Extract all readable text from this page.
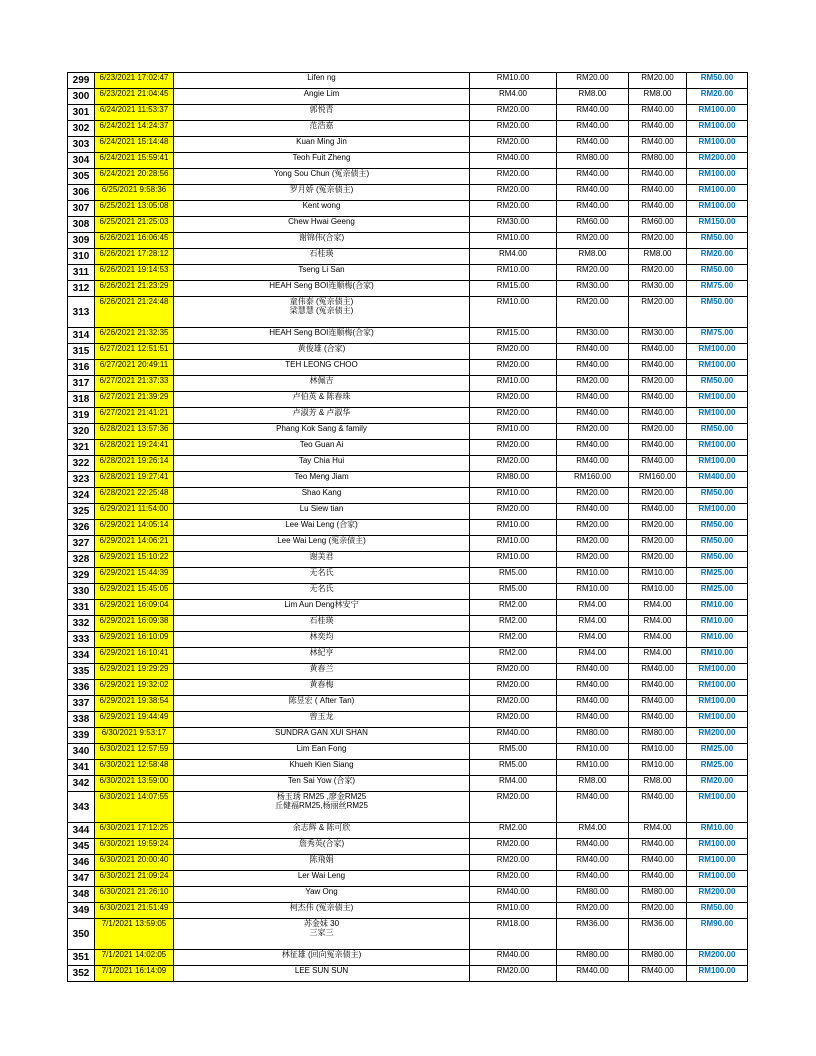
299	6/23/2021 17:02:47	Lifen ng	RM10.00	RM20.00	RM20.00	RM50.00
300	6/23/2021 21:04:45	Angie Lim	RM4.00	RM8.00	RM8.00	RM20.00
301	6/24/2021 11:53:37	郭悦青	RM20.00	RM40.00	RM40.00	RM100.00
302	6/24/2021 14:24:37	范浩嘉	RM20.00	RM40.00	RM40.00	RM100.00
303	6/24/2021 15:14:48	Kuan Ming Jin	RM20.00	RM40.00	RM40.00	RM100.00
304	6/24/2021 15:59:41	Teoh Fuit Zheng	RM40.00	RM80.00	RM80.00	RM200.00
305	6/24/2021 20:28:56	Yong Sou Chun (冤亲债主)	RM20.00	RM40.00	RM40.00	RM100.00
306	6/25/2021 9:58:36	罗月娇 (冤亲债主)	RM20.00	RM40.00	RM40.00	RM100.00
307	6/25/2021 13:05:08	Kent wong	RM20.00	RM40.00	RM40.00	RM100.00
308	6/25/2021 21:25:03	Chew Hwai Geeng	RM30.00	RM60.00	RM60.00	RM150.00
309	6/26/2021 16:06:45	谢锦伟(合家)	RM10.00	RM20.00	RM20.00	RM50.00
310	6/26/2021 17:28:12	石桂瑛	RM4.00	RM8.00	RM8.00	RM20.00
311	6/26/2021 19:14:53	Tseng Li San	RM10.00	RM20.00	RM20.00	RM50.00
312	6/26/2021 21:23:29	HEAH Seng BOI连顺梅(合家)	RM15.00	RM30.00	RM30.00	RM75.00
313	6/26/2021 21:24:48	童伟泰 (冤亲债主)
梁慧慧 (冤亲债主)	RM10.00	RM20.00	RM20.00	RM50.00
314	6/26/2021 21:32:35	HEAH Seng BOI连顺梅(合家)	RM15.00	RM30.00	RM30.00	RM75.00
315	6/27/2021 12:51:51	黄俊雄 (合家)	RM20.00	RM40.00	RM40.00	RM100.00
316	6/27/2021 20:49:11	TEH LEONG CHOO	RM20.00	RM40.00	RM40.00	RM100.00
317	6/27/2021 21:37:33	林佩吉	RM10.00	RM20.00	RM20.00	RM50.00
318	6/27/2021 21:39:29	卢伯英 & 陈春珠	RM20.00	RM40.00	RM40.00	RM100.00
319	6/27/2021 21:41:21	卢淑芳 & 卢淑华	RM20.00	RM40.00	RM40.00	RM100.00
320	6/28/2021 13:57:36	Phang Kok Sang & family	RM10.00	RM20.00	RM20.00	RM50.00
321	6/28/2021 19:24:41	Teo Guan Ai	RM20.00	RM40.00	RM40.00	RM100.00
322	6/28/2021 19:26:14	Tay Chia Hui	RM20.00	RM40.00	RM40.00	RM100.00
323	6/28/2021 19:27:41	Teo Meng Jiam	RM80.00	RM160.00	RM160.00	RM400.00
324	6/28/2021 22:25:48	Shao Kang	RM10.00	RM20.00	RM20.00	RM50.00
325	6/29/2021 11:54:00	Lu Siew tian	RM20.00	RM40.00	RM40.00	RM100.00
326	6/29/2021 14:05:14	Lee Wai Leng (合家)	RM10.00	RM20.00	RM20.00	RM50.00
327	6/29/2021 14:06:21	Lee Wai Leng (冤亲债主)	RM10.00	RM20.00	RM20.00	RM50.00
328	6/29/2021 15:10:22	谢美君	RM10.00	RM20.00	RM20.00	RM50.00
329	6/29/2021 15:44:39	无名氏	RM5.00	RM10.00	RM10.00	RM25.00
330	6/29/2021 15:45:05	无名氏	RM5.00	RM10.00	RM10.00	RM25.00
331	6/29/2021 16:09:04	Lim Aun Deng林安宁	RM2.00	RM4.00	RM4.00	RM10.00
332	6/29/2021 16:09:38	石桂瑛	RM2.00	RM4.00	RM4.00	RM10.00
333	6/29/2021 16:10:09	林奕均	RM2.00	RM4.00	RM4.00	RM10.00
334	6/29/2021 16:10:41	林紀亨	RM2.00	RM4.00	RM4.00	RM10.00
335	6/29/2021 19:29:29	黄春兰	RM20.00	RM40.00	RM40.00	RM100.00
336	6/29/2021 19:32:02	黄春梅	RM20.00	RM40.00	RM40.00	RM100.00
337	6/29/2021 19:38:54	陈昱宏 ( After Tan)	RM20.00	RM40.00	RM40.00	RM100.00
338	6/29/2021 19:44:49	曾玉龙	RM20.00	RM40.00	RM40.00	RM100.00
339	6/30/2021 9:53:17	SUNDRA GAN XUI SHAN	RM40.00	RM80.00	RM80.00	RM200.00
340	6/30/2021 12:57:59	Lim Ean Fong	RM5.00	RM10.00	RM10.00	RM25.00
341	6/30/2021 12:58:48	Khueh Kien Siang	RM5.00	RM10.00	RM10.00	RM25.00
342	6/30/2021 13:59:00	Ten Sai Yow (合家)	RM4.00	RM8.00	RM8.00	RM20.00
343	6/30/2021 14:07:55	杨玉琇 RM25 ,廖金RM25
丘健福RM25,杨丽丝RM25	RM20.00	RM40.00	RM40.00	RM100.00
344	6/30/2021 17:12:25	余志辉 & 陈可欣	RM2.00	RM4.00	RM4.00	RM10.00
345	6/30/2021 19:59:24	詹秀英(合家)	RM20.00	RM40.00	RM40.00	RM100.00
346	6/30/2021 20:00:40	陈飛娟	RM20.00	RM40.00	RM40.00	RM100.00
347	6/30/2021 21:09:24	Ler Wai Leng	RM20.00	RM40.00	RM40.00	RM100.00
348	6/30/2021 21:26:10	Yaw Ong	RM40.00	RM80.00	RM80.00	RM200.00
349	6/30/2021 21:51:49	柯杰伟 (冤亲债主)	RM10.00	RM20.00	RM20.00	RM50.00
350	7/1/2021 13:59:05	苏金妹 30
三家三	RM18.00	RM36.00	RM36.00	RM90.00
351	7/1/2021 14:02:05	林征雄 (回向冤亲债主)	RM40.00	RM80.00	RM80.00	RM200.00
352	7/1/2021 16:14:09	LEE SUN SUN	RM20.00	RM40.00	RM40.00	RM100.00
